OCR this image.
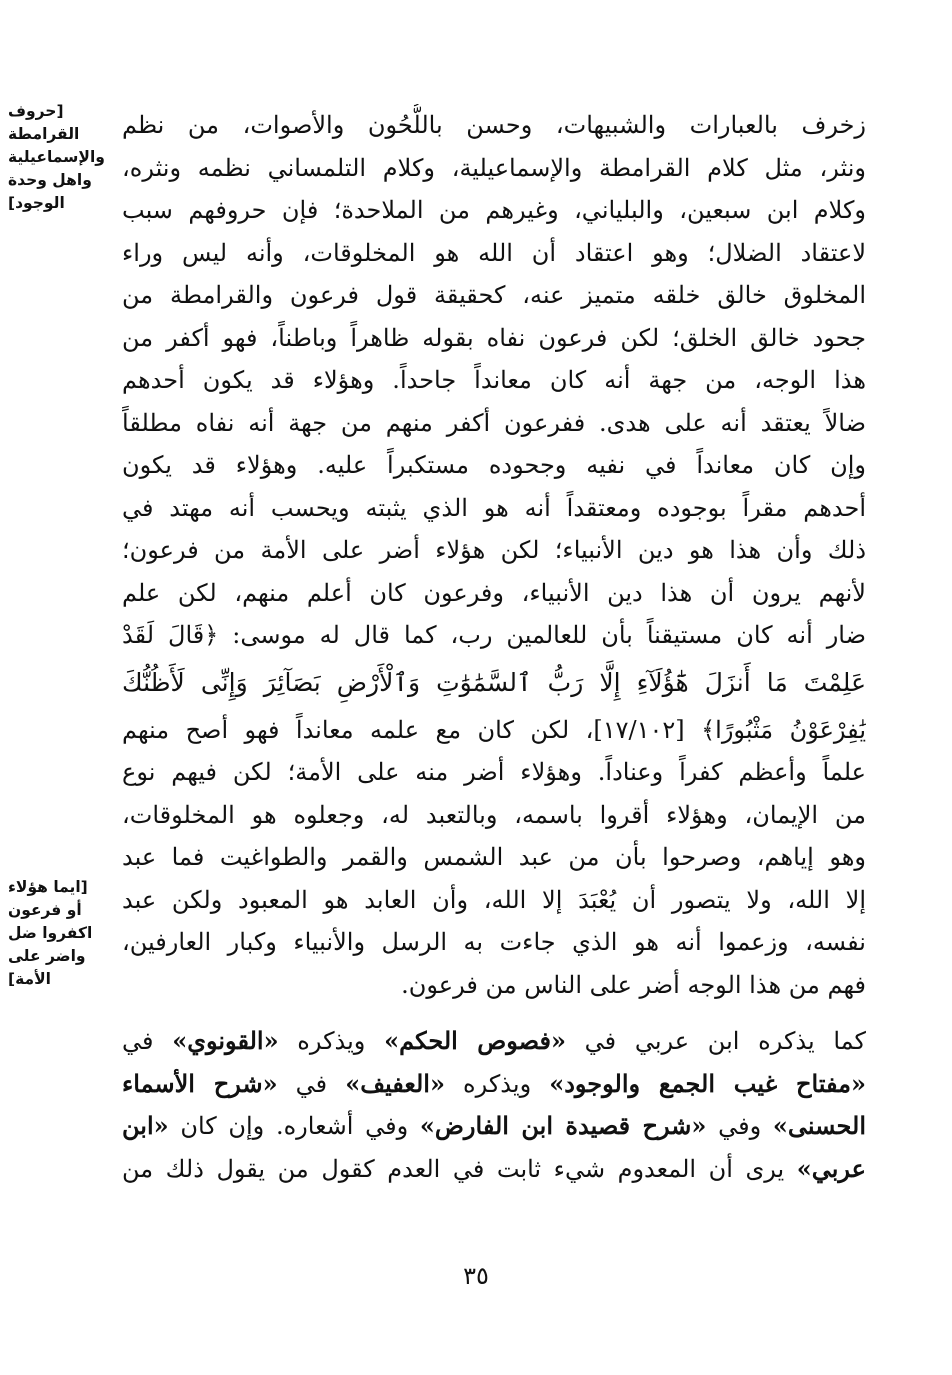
[حروف
القرامطة
والإسماعيلية
واهل وحدة
الوجود]
[ايما هؤلاء
أو فرعون
اكفروا ضل
واضر على
الأمة]
زخرف بالعبارات والشبيهات، وحسن باللُّحُون والأصوات، من نظم
ونثر، مثل كلام القرامطة والإسماعيلية، وكلام التلمساني نظمه ونثره،
وكلام ابن سبعين، والبلياني، وغيرهم من الملاحدة؛ فإن حروفهم سبب
لاعتقاد الضلال؛ وهو اعتقاد أن الله هو المخلوقات، وأنه ليس وراء
المخلوق خالق خلقه متميز عنه، كحقيقة قول فرعون والقرامطة من
جحود خالق الخلق؛ لكن فرعون نفاه بقوله ظاهراً وباطناً، فهو أكفر من
هذا الوجه، من جهة أنه كان معانداً جاحداً. وهؤلاء قد يكون أحدهم
ضالاً يعتقد أنه على هدى. ففرعون أكفر منهم من جهة أنه نفاه مطلقاً
وإن كان معانداً في نفيه وجحوده مستكبراً عليه. وهؤلاء قد يكون
أحدهم مقراً بوجوده ومعتقداً أنه هو الذي يثبته ويحسب أنه مهتد في
ذلك وأن هذا هو دين الأنبياء؛ لكن هؤلاء أضر على الأمة من فرعون؛
لأنهم يرون أن هذا دين الأنبياء، وفرعون كان أعلم منهم، لكن علم
ضار أنه كان مستيقناً بأن للعالمين رب، كما قال له موسى: ﴿قَالَ لَقَدْ
عَلِمْتَ مَا أَنزَلَ هَٰٓؤُلَآءِ إِلَّا رَبُّ ٱلسَّمَٰوَٰتِ وَٱلْأَرْضِ بَصَآئِرَ وَإِنِّى لَأَظُنُّكَ
يَٰفِرْعَوْنُ مَثْبُورًا﴾ [١٧/١٠٢]، لكن كان مع علمه معانداً فهو أصح منهم
علماً وأعظم كفراً وعناداً. وهؤلاء أضر منه على الأمة؛ لكن فيهم نوع
من الإيمان، وهؤلاء أقروا باسمه، وبالتعبد له، وجعلوه هو المخلوقات،
وهو إياهم، وصرحوا بأن من عبد الشمس والقمر والطواغيت فما عبد
إلا الله، ولا يتصور أن يُعْبَدَ إلا الله، وأن العابد هو المعبود ولكن عبد
نفسه، وزعموا أنه هو الذي جاءت به الرسل والأنبياء وكبار العارفين،
فهم من هذا الوجه أضر على الناس من فرعون.
كما يذكره ابن عربي في «فصوص الحكم» ويذكره «القونوي» في
«مفتاح غيب الجمع والوجود» ويذكره «العفيف» في «شرح الأسماء
الحسنى» وفي «شرح قصيدة ابن الفارض» وفي أشعاره. وإن كان «ابن
عربي» يرى أن المعدوم شيء ثابت في العدم كقول من يقول ذلك من
٣٥
